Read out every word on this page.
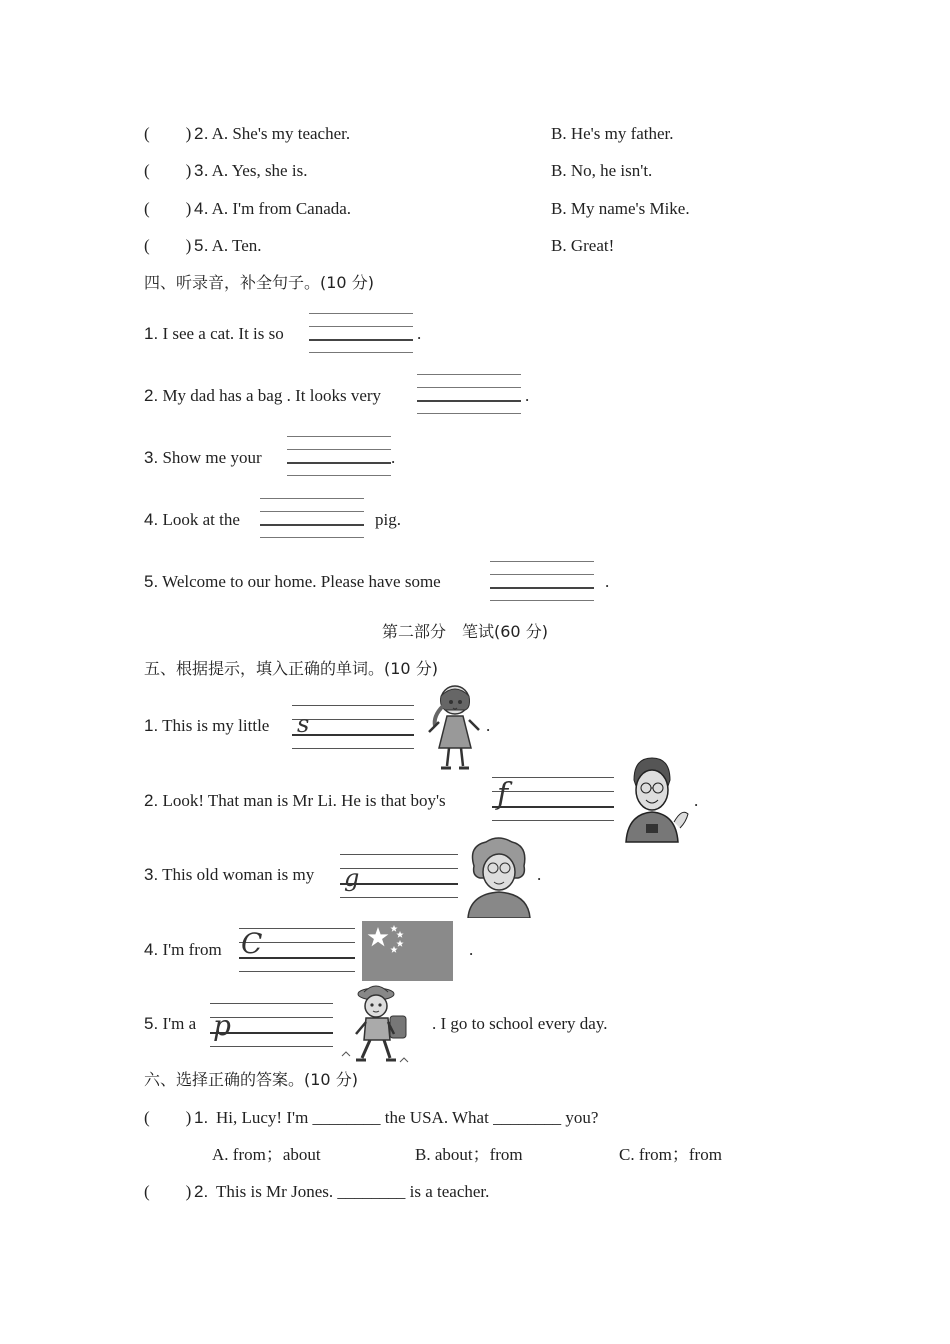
( ) 2 . A. She's my teacher.	B. He's my father.
( ) 3 . A. Yes, she is.	B. No, he isn't.
( ) 4 . A. I'm from Canada.	B. My name's Mike.
( ) 5 . A. Ten.	B. Great!
四、听录音，补全句子。(10 分)
1. I see a cat. It is so	.
2. My dad has a bag . It looks very	.
3. Show me your	.
4. Look at the	pig.
5. Welcome to our home. Please have some	.
第二部分　笔试(60 分)
五、根据提示，填入正确的单词。(10 分)
1. This is my little s	.
2. Look! That man is Mr Li. He is that boy's f	.
3. This old woman is my g	.
4. I'm from C	.
5. I'm a p	. I go to school every day.
六、选择正确的答案。(10 分)
( ) 1. Hi, Lucy! I'm ________ the USA. What ________ you?
A. from；about	B. about；from	C. from；from
( ) 2. This is Mr Jones. ________ is a teacher.
